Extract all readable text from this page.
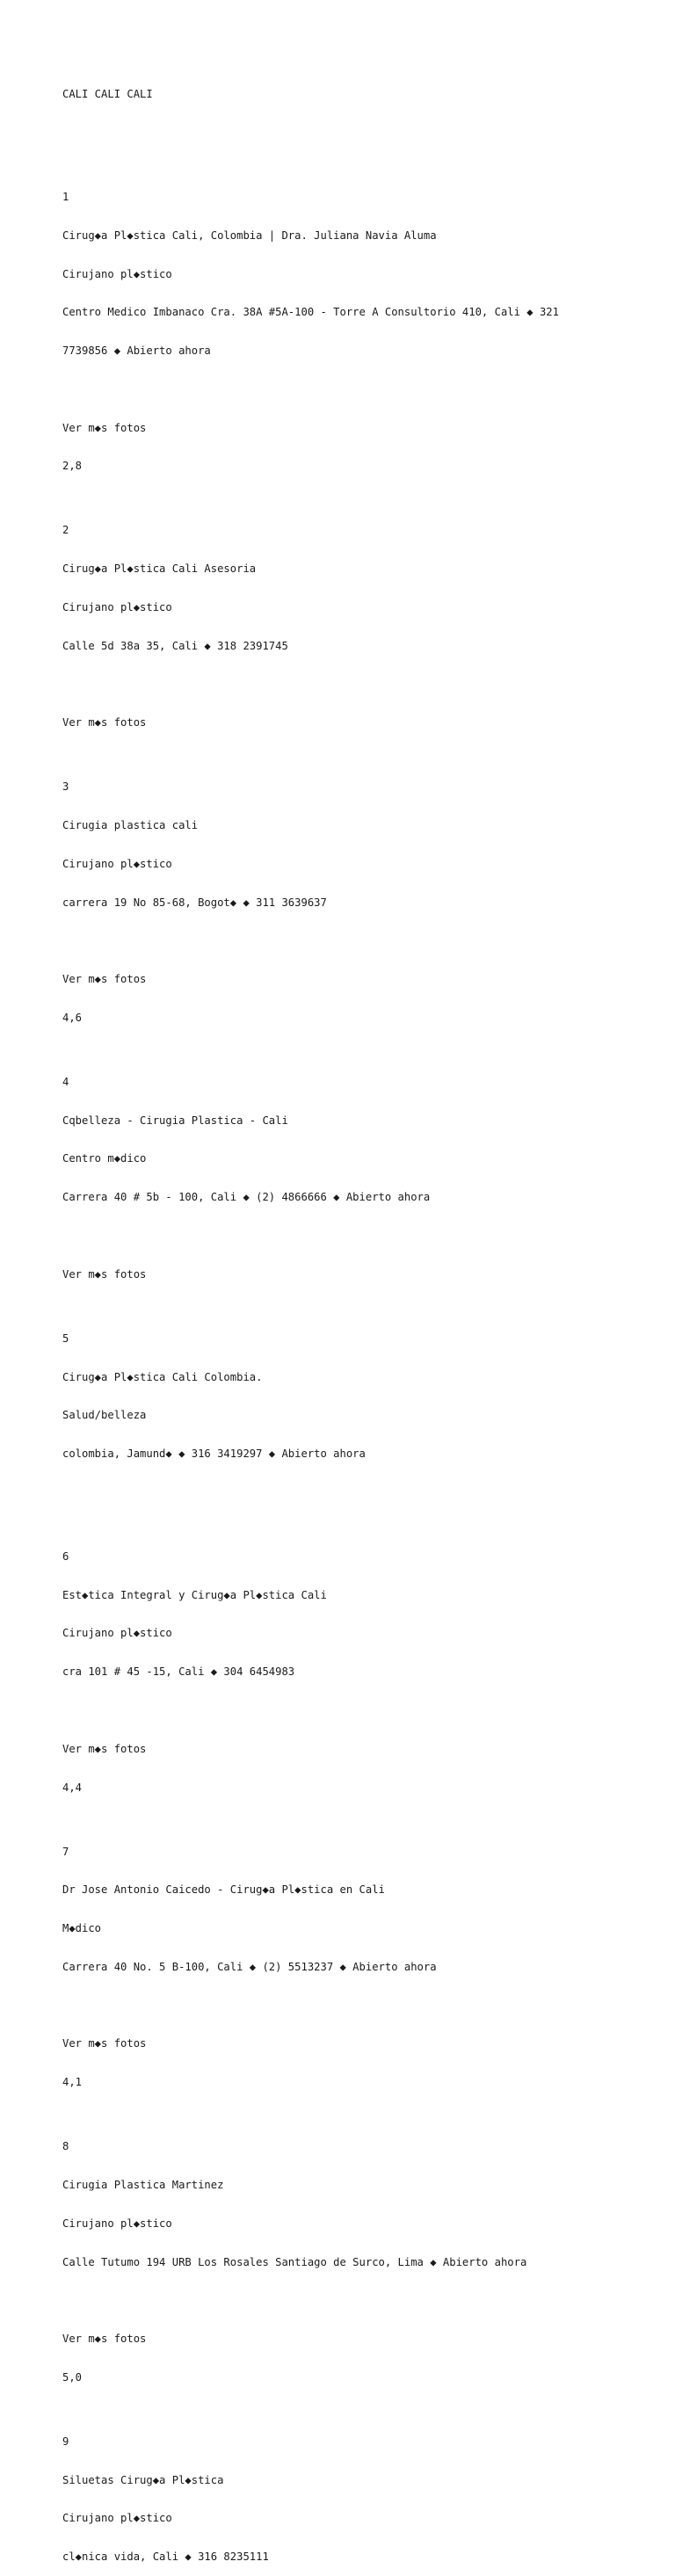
CALI CALI CALI

1

Cirug◆a Pl◆stica Cali, Colombia | Dra. Juliana Navia Aluma

Cirujano pl◆stico

Centro Medico Imbanaco Cra. 38A #5A-100 - Torre A Consultorio 410, Cali ◆ 321

7739856 ◆ Abierto ahora

Ver m◆s fotos

2,8

2

Cirug◆a Pl◆stica Cali Asesoria

Cirujano pl◆stico

Calle 5d 38a 35, Cali ◆ 318 2391745

Ver m◆s fotos

3

Cirugia plastica cali

Cirujano pl◆stico

carrera 19 No 85-68, Bogot◆ ◆ 311 3639637

Ver m◆s fotos

4,6

4

Cqbelleza - Cirugia Plastica - Cali

Centro m◆dico

Carrera 40 # 5b - 100, Cali ◆ (2) 4866666 ◆ Abierto ahora

Ver m◆s fotos

5

Cirug◆a Pl◆stica Cali Colombia.

Salud/belleza

colombia, Jamund◆ ◆ 316 3419297 ◆ Abierto ahora

6

Est◆tica Integral y Cirug◆a Pl◆stica Cali

Cirujano pl◆stico

cra 101 # 45 -15, Cali ◆ 304 6454983

Ver m◆s fotos

4,4

7

Dr Jose Antonio Caicedo - Cirug◆a Pl◆stica en Cali

M◆dico

Carrera 40 No. 5 B-100, Cali ◆ (2) 5513237 ◆ Abierto ahora

Ver m◆s fotos

4,1

8

Cirugia Plastica Martinez

Cirujano pl◆stico

Calle Tutumo 194 URB Los Rosales Santiago de Surco, Lima ◆ Abierto ahora

Ver m◆s fotos

5,0

9

Siluetas Cirug◆a Pl◆stica

Cirujano pl◆stico

cl◆nica vida, Cali ◆ 316 8235111
